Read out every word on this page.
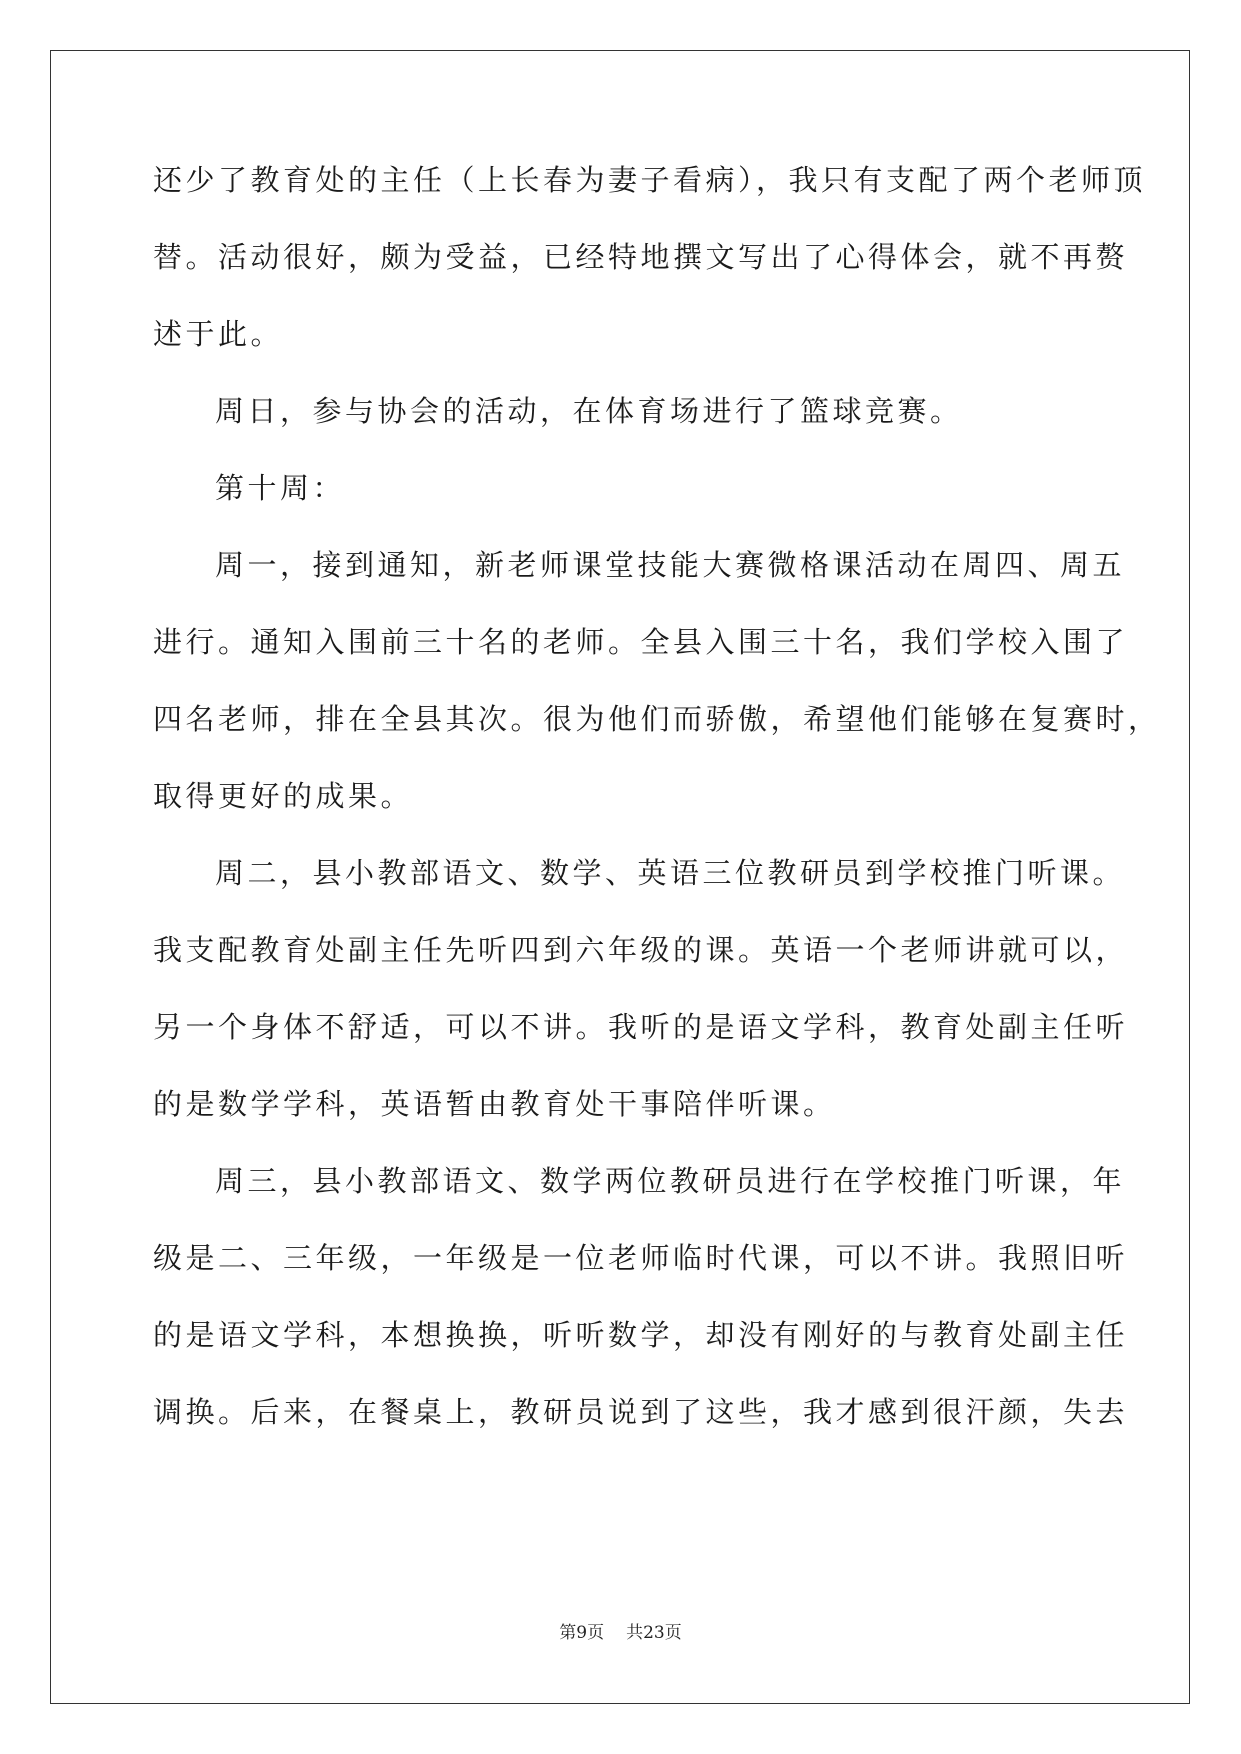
还少了教育处的主任（上长春为妻子看病），我只有支配了两个老师顶
替。活动很好，颇为受益，已经特地撰文写出了心得体会，就不再赘
述于此。
周日，参与协会的活动，在体育场进行了篮球竞赛。
第十周：
周一，接到通知，新老师课堂技能大赛微格课活动在周四、周五
进行。通知入围前三十名的老师。全县入围三十名，我们学校入围了
四名老师，排在全县其次。很为他们而骄傲，希望他们能够在复赛时，
取得更好的成果。
周二，县小教部语文、数学、英语三位教研员到学校推门听课。
我支配教育处副主任先听四到六年级的课。英语一个老师讲就可以，
另一个身体不舒适，可以不讲。我听的是语文学科，教育处副主任听
的是数学学科，英语暂由教育处干事陪伴听课。
周三，县小教部语文、数学两位教研员进行在学校推门听课，年
级是二、三年级，一年级是一位老师临时代课，可以不讲。我照旧听
的是语文学科，本想换换，听听数学，却没有刚好的与教育处副主任
调换。后来，在餐桌上，教研员说到了这些，我才感到很汗颜，失去
第9页 共23页
